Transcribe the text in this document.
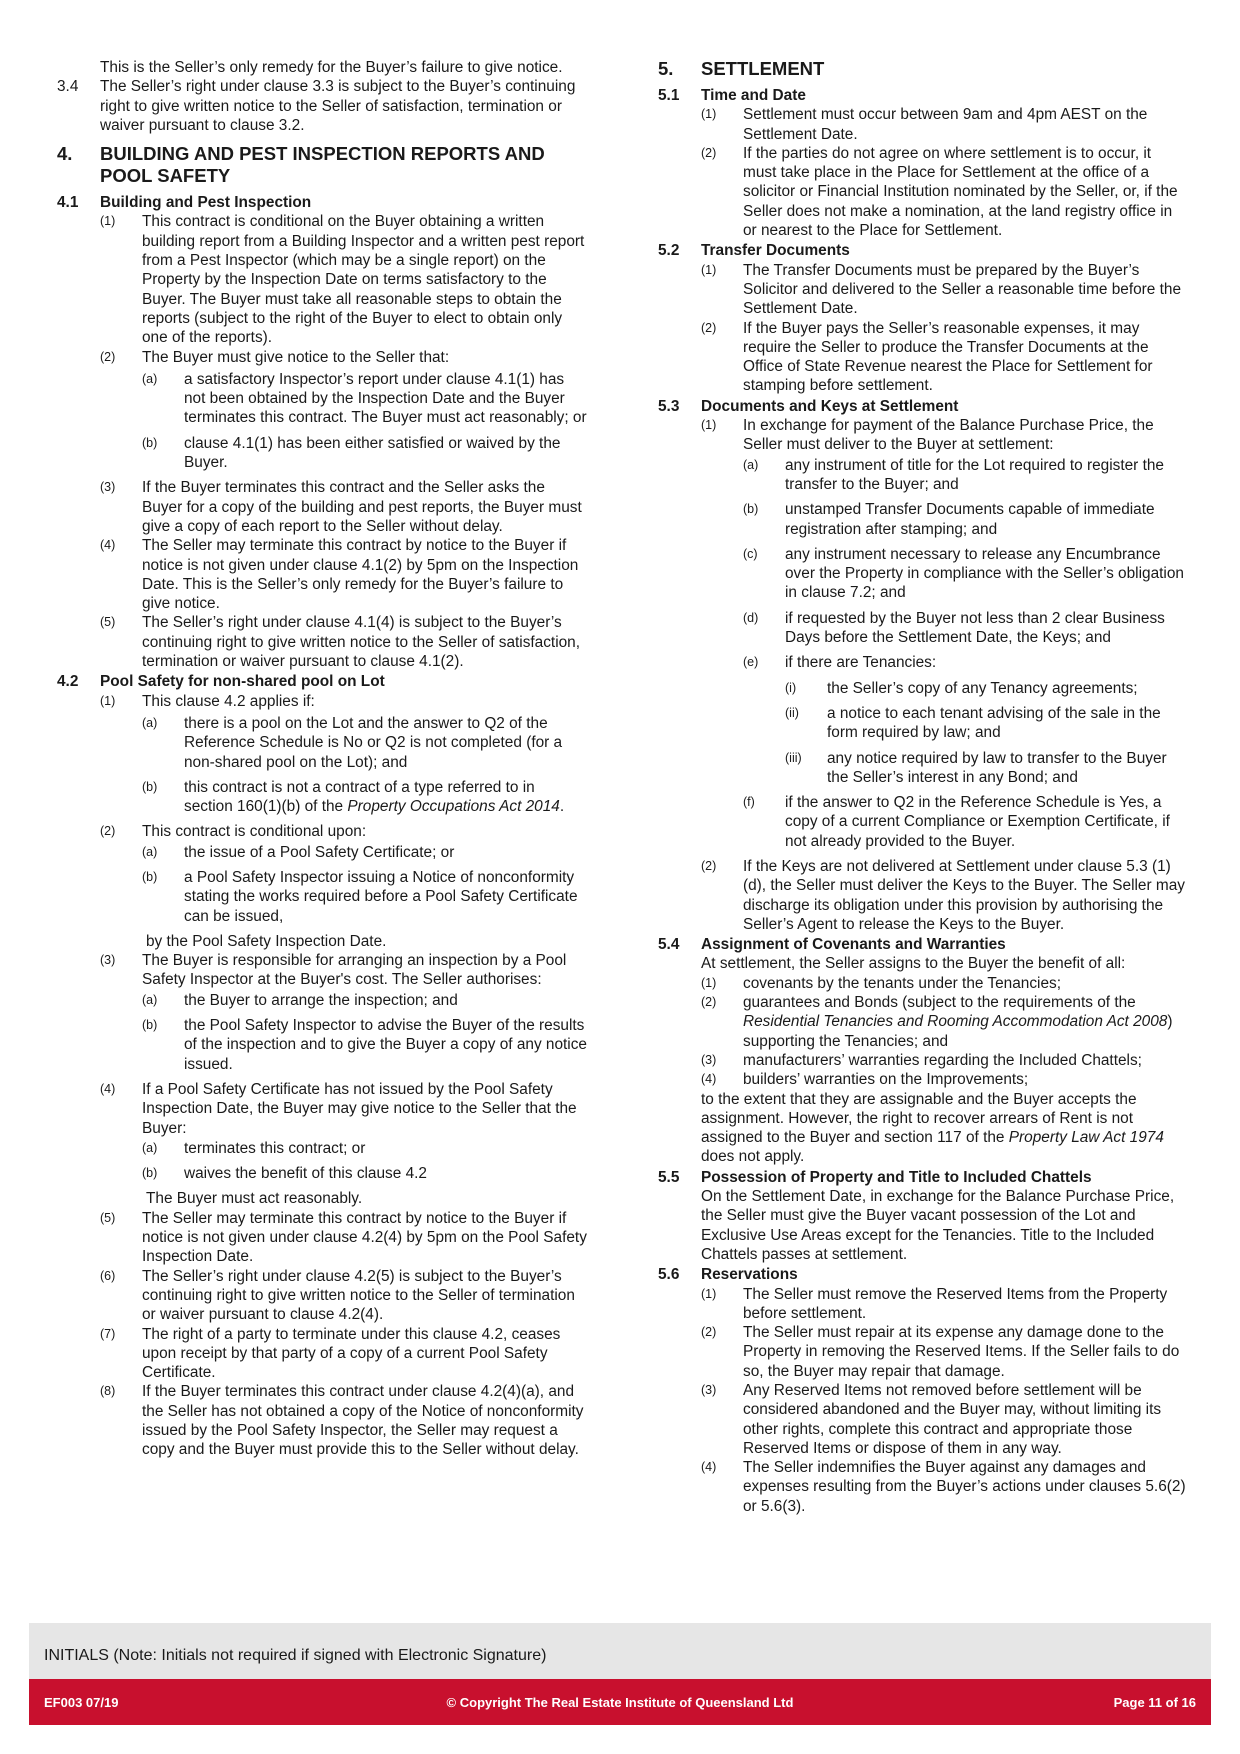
This is the Seller’s only remedy for the Buyer’s failure to give notice.
3.4 The Seller’s right under clause 3.3 is subject to the Buyer’s continuing right to give written notice to the Seller of satisfaction, termination or waiver pursuant to clause 3.2.
4.	BUILDING AND PEST INSPECTION REPORTS AND POOL SAFETY
4.1	Building and Pest Inspection
(1) This contract is conditional on the Buyer obtaining a written building report from a Building Inspector and a written pest report from a Pest Inspector (which may be a single report) on the Property by the Inspection Date on terms satisfactory to the Buyer. The Buyer must take all reasonable steps to obtain the reports (subject to the right of the Buyer to elect to obtain only one of the reports).
(2) The Buyer must give notice to the Seller that:
(a) a satisfactory Inspector’s report under clause 4.1(1) has not been obtained by the Inspection Date and the Buyer terminates this contract. The Buyer must act reasonably; or
(b) clause 4.1(1) has been either satisfied or waived by the Buyer.
(3) If the Buyer terminates this contract and the Seller asks the Buyer for a copy of the building and pest reports, the Buyer must give a copy of each report to the Seller without delay.
(4) The Seller may terminate this contract by notice to the Buyer if notice is not given under clause 4.1(2) by 5pm on the Inspection Date. This is the Seller’s only remedy for the Buyer’s failure to give notice.
(5) The Seller’s right under clause 4.1(4) is subject to the Buyer’s continuing right to give written notice to the Seller of satisfaction, termination or waiver pursuant to clause 4.1(2).
4.2	Pool Safety for non-shared pool on Lot
(1) This clause 4.2 applies if:
(a) there is a pool on the Lot and the answer to Q2 of the Reference Schedule is No or Q2 is not completed (for a non-shared pool on the Lot); and
(b) this contract is not a contract of a type referred to in section 160(1)(b) of the Property Occupations Act 2014.
(2) This contract is conditional upon:
(a) the issue of a Pool Safety Certificate; or
(b) a Pool Safety Inspector issuing a Notice of nonconformity stating the works required before a Pool Safety Certificate can be issued,
by the Pool Safety Inspection Date.
(3) The Buyer is responsible for arranging an inspection by a Pool Safety Inspector at the Buyer's cost. The Seller authorises:
(a) the Buyer to arrange the inspection; and
(b) the Pool Safety Inspector to advise the Buyer of the results of the inspection and to give the Buyer a copy of any notice issued.
(4) If a Pool Safety Certificate has not issued by the Pool Safety Inspection Date, the Buyer may give notice to the Seller that the Buyer:
(a) terminates this contract; or
(b) waives the benefit of this clause 4.2
The Buyer must act reasonably.
(5) The Seller may terminate this contract by notice to the Buyer if notice is not given under clause 4.2(4) by 5pm on the Pool Safety Inspection Date.
(6) The Seller’s right under clause 4.2(5) is subject to the Buyer’s continuing right to give written notice to the Seller of termination or waiver pursuant to clause 4.2(4).
(7) The right of a party to terminate under this clause 4.2, ceases upon receipt by that party of a copy of a current Pool Safety Certificate.
(8) If the Buyer terminates this contract under clause 4.2(4)(a), and the Seller has not obtained a copy of the Notice of nonconformity issued by the Pool Safety Inspector, the Seller may request a copy and the Buyer must provide this to the Seller without delay.
5.	SETTLEMENT
5.1	Time and Date
(1) Settlement must occur between 9am and 4pm AEST on the Settlement Date.
(2) If the parties do not agree on where settlement is to occur, it must take place in the Place for Settlement at the office of a solicitor or Financial Institution nominated by the Seller, or, if the Seller does not make a nomination, at the land registry office in or nearest to the Place for Settlement.
5.2	Transfer Documents
(1) The Transfer Documents must be prepared by the Buyer’s Solicitor and delivered to the Seller a reasonable time before the Settlement Date.
(2) If the Buyer pays the Seller’s reasonable expenses, it may require the Seller to produce the Transfer Documents at the Office of State Revenue nearest the Place for Settlement for stamping before settlement.
5.3	Documents and Keys at Settlement
(1) In exchange for payment of the Balance Purchase Price, the Seller must deliver to the Buyer at settlement:
(a) any instrument of title for the Lot required to register the transfer to the Buyer; and
(b) unstamped Transfer Documents capable of immediate registration after stamping; and
(c) any instrument necessary to release any Encumbrance over the Property in compliance with the Seller’s obligation in clause 7.2; and
(d) if requested by the Buyer not less than 2 clear Business Days before the Settlement Date, the Keys; and
(e) if there are Tenancies:
(i) the Seller’s copy of any Tenancy agreements;
(ii) a notice to each tenant advising of the sale in the form required by law; and
(iii) any notice required by law to transfer to the Buyer the Seller’s interest in any Bond; and
(f) if the answer to Q2 in the Reference Schedule is Yes, a copy of a current Compliance or Exemption Certificate, if not already provided to the Buyer.
(2) If the Keys are not delivered at Settlement under clause 5.3 (1)(d), the Seller must deliver the Keys to the Buyer. The Seller may discharge its obligation under this provision by authorising the Seller’s Agent to release the Keys to the Buyer.
5.4	Assignment of Covenants and Warranties
At settlement, the Seller assigns to the Buyer the benefit of all:
(1) covenants by the tenants under the Tenancies;
(2) guarantees and Bonds (subject to the requirements of the Residential Tenancies and Rooming Accommodation Act 2008) supporting the Tenancies; and
(3) manufacturers’ warranties regarding the Included Chattels;
(4) builders’ warranties on the Improvements;
to the extent that they are assignable and the Buyer accepts the assignment. However, the right to recover arrears of Rent is not assigned to the Buyer and section 117 of the Property Law Act 1974 does not apply.
5.5	Possession of Property and Title to Included Chattels
On the Settlement Date, in exchange for the Balance Purchase Price, the Seller must give the Buyer vacant possession of the Lot and Exclusive Use Areas except for the Tenancies. Title to the Included Chattels passes at settlement.
5.6	Reservations
(1) The Seller must remove the Reserved Items from the Property before settlement.
(2) The Seller must repair at its expense any damage done to the Property in removing the Reserved Items. If the Seller fails to do so, the Buyer may repair that damage.
(3) Any Reserved Items not removed before settlement will be considered abandoned and the Buyer may, without limiting its other rights, complete this contract and appropriate those Reserved Items or dispose of them in any way.
(4) The Seller indemnifies the Buyer against any damages and expenses resulting from the Buyer’s actions under clauses 5.6(2) or 5.6(3).
INITIALS (Note: Initials not required if signed with Electronic Signature)
© Copyright The Real Estate Institute of Queensland Ltd
EF003 07/19	Page 11 of 16
